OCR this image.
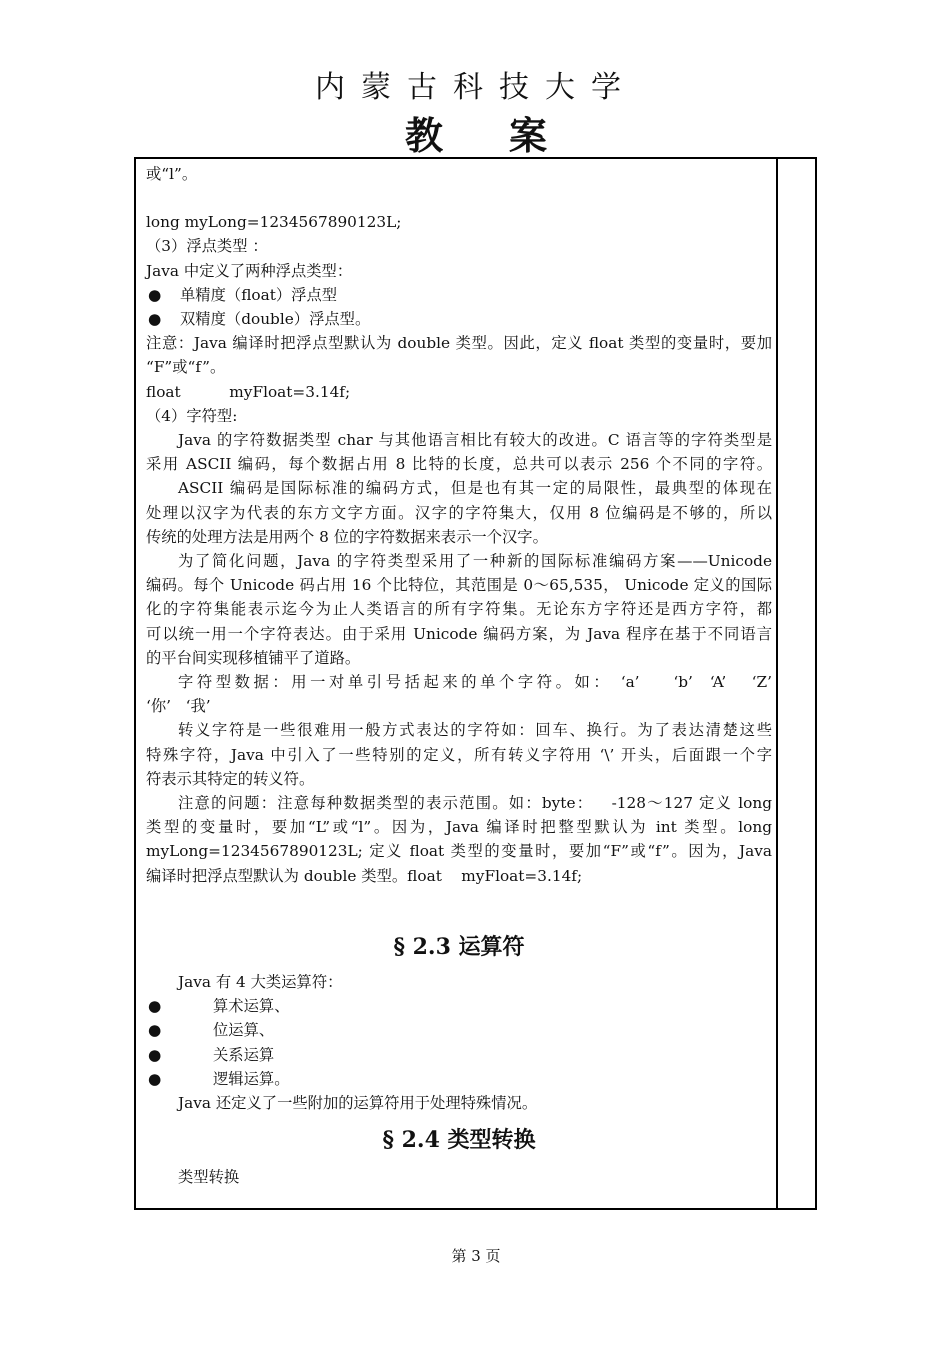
内蒙古科技大学
教案
或“l”。
long myLong=1234567890123L;
（3）浮点类型 ：
Java 中定义了两种浮点类型：
● 单精度（float）浮点型
● 双精度（double）浮点型。
注意：Java 编译时把浮点型默认为 double 类型。因此，定义 float 类型的变量时，要加
“F”或“f”。
float          myFloat=3.14f;
（4）字符型:
Java 的字符数据类型 char 与其他语言相比有较大的改进。C 语言等的字符类型是
采用 ASCII 编码，每个数据占用 8 比特的长度，总共可以表示 256 个不同的字符。
ASCII 编码是国际标准的编码方式，但是也有其一定的局限性，最典型的体现在
处理以汉字为代表的东方文字方面。汉字的字符集大，仅用 8 位编码是不够的，所以
传统的处理方法是用两个 8 位的字符数据来表示一个汉字。
为了简化问题，Java 的字符类型采用了一种新的国际标准编码方案——Unicode
编码。每个 Unicode 码占用 16 个比特位，其范围是 0～65,535， Unicode 定义的国际
化的字符集能表示迄今为止人类语言的所有字符集。无论东方字符还是西方字符，都
可以统一用一个字符表达。由于采用 Unicode 编码方案，为 Java 程序在基于不同语言
的平台间实现移植铺平了道路。
字符型数据：用一对单引号括起来的单个字符。如： ‘a’    ‘b’  ‘A’   ‘Z’
‘你’   ‘我’
转义字符是一些很难用一般方式表达的字符如：回车、换行。为了表达清楚这些
特殊字符，Java 中引入了一些特别的定义，所有转义字符用 ‘\’ 开头，后面跟一个字
符表示其特定的转义符。
注意的问题：注意每种数据类型的表示范围。如：byte：   -128～127 定义 long
类型的变量时，要加“L”或“l”。因为，Java 编译时把整型默认为 int 类型。long
myLong=1234567890123L; 定义 float 类型的变量时，要加“F”或“f”。因为，Java
编译时把浮点型默认为 double 类型。float    myFloat=3.14f;
§ 2.3 运算符
Java 有 4 大类运算符：
●	算术运算、
●	位运算、
●	关系运算
●	逻辑运算。
Java 还定义了一些附加的运算符用于处理特殊情况。
§ 2.4 类型转换
类型转换
第 3 页
